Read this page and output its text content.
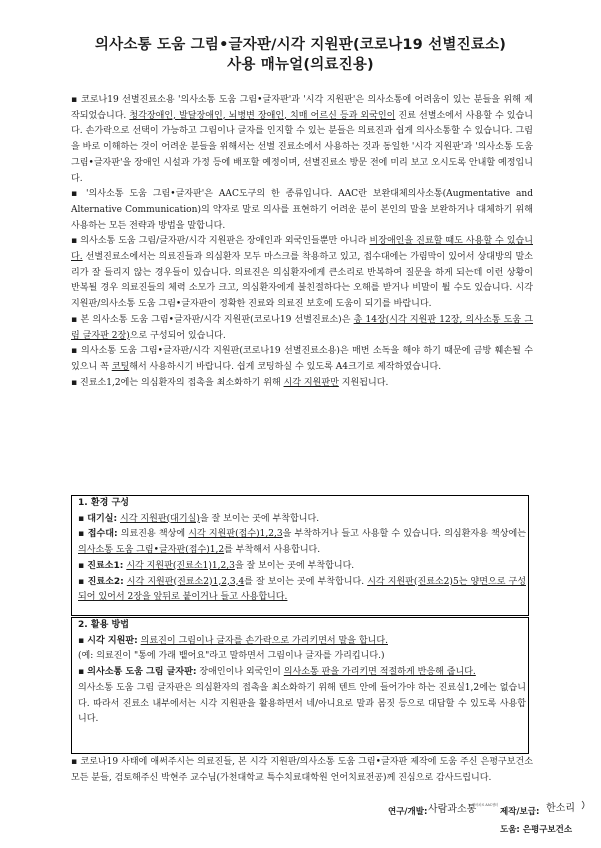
의사소통 도움 그림•글자판/시각 지원판(코로나19 선별진료소)
사용 매뉴얼(의료진용)

▪ 코로나19 선별진료소용 '의사소통 도움 그림•글자판'과 '시각 지원판'은 의사소통에 어려움이 있는 분들을 위해 제작되었습니다. 청각장애인, 발달장애인, 뇌병변 장애인, 치매 어르신 등과 외국인이 진료 선별소에서 사용할 수 있습니다. 손가락으로 선택이 가능하고 그림이나 글자를 인지할 수 있는 분들은 의료진과 쉽게 의사소통할 수 있습니다. 그림을 바로 이해하는 것이 어려운 분들을 위해서는 선별 진료소에서 사용하는 것과 동일한 '시각 지원판'과 '의사소통 도움 그림•글자판'을 장애인 시설과 가정 등에 배포할 예정이며, 선별진료소 방문 전에 미리 보고 오시도록 안내할 예정입니다.

▪ '의사소통 도움 그림•글자판'은 AAC도구의 한 종류입니다. AAC란 보완대체의사소통(Augmentative and Alternative Communication)의 약자로 말로 의사를 표현하기 어려운 분이 본인의 말을 보완하거나 대체하기 위해 사용하는 모든 전략과 방법을 말합니다.

▪ 의사소통 도움 그림/글자판/시각 지원판은 장애인과 외국인들뿐만 아니라 비장애인을 진료할 때도 사용할 수 있습니다. 선별진료소에서는 의료진들과 의심환자 모두 마스크를 착용하고 있고, 접수대에는 가림막이 있어서 상대방의 말소리가 잘 들리지 않는 경우들이 있습니다. 의료진은 의심환자에게 큰소리로 반복하여 질문을 하게 되는데 이런 상황이 반복될 경우 의료진들의 체력 소모가 크고, 의심환자에게 불친절하다는 오해를 받거나 비말이 튈 수도 있습니다. 시각 지원판/의사소통 도움 그림•글자판이 정확한 진료와 의료진 보호에 도움이 되기를 바랍니다.

▪ 본 의사소통 도움 그림•글자판/시각 지원판(코로나19 선별진료소)은 총 14장(시각 지원판 12장, 의사소통 도움 그림 글자판 2장)으로 구성되어 있습니다.

▪ 의사소통 도움 그림•글자판/시각 지원판(코로나19 선별진료소용)은 매번 소독을 해야 하기 때문에 금방 훼손될 수 있으니 꼭 코팅해서 사용하시기 바랍니다. 쉽게 코팅하실 수 있도록 A4크기로 제작하였습니다.

▪ 진료소1,2에는 의심환자의 접촉을 최소화하기 위해 시각 지원판만 지원됩니다.

1. 환경 구성

▪ 대기실: 시각 지원판(대기실)을 잘 보이는 곳에 부착합니다.

▪ 접수대: 의료진용 책상에 시각 지원판(접수)1,2,3을 부착하거나 들고 사용할 수 있습니다. 의심환자용 책상에는 의사소통 도움 그림•글자판(접수)1,2를 부착해서 사용합니다.

▪ 진료소1: 시각 지원판(진료소1)1,2,3을 잘 보이는 곳에 부착합니다.

▪ 진료소2: 시각 지원판(진료소2)1,2,3,4를 잘 보이는 곳에 부착합니다. 시각 지원판(진료소2)5는 양면으로 구성되어 있어서 2장을 앞뒤로 붙이거나 들고 사용합니다.

2. 활용 방법

▪ 시각 지원판: 의료진이 그림이나 글자를 손가락으로 가리키면서 말을 합니다.

(예: 의료진이 "통에 가래 뱉어요"라고 말하면서 그림이나 글자를 가리킵니다.)

▪ 의사소통 도움 그림 글자판: 장애인이나 외국인이 의사소통 판을 가리키면 적절하게 반응해 줍니다.

의사소통 도움 그림 글자판은 의심환자의 접촉을 최소화하기 위해 텐트 안에 들어가야 하는 진료실1,2에는 없습니다. 따라서 진료소 내부에서는 시각 지원판을 활용하면서 네/아니요로 말과 몸짓 등으로 대답할 수 있도록 사용합니다.

▪ 코로나19 사태에 애써주시는 의료진들, 본 시각 지원판/의사소통 도움 그림•글자판 제작에 도움 주신 은평구보건소 모든 분들, 검토해주신 박현주 교수님(가천대학교 특수치료대학원 언어치료전공)께 진심으로 감사드립니다.
연구/개발: 사람과소통
언어치료 AAC센터
제작/보급: 한소리
도움: 은평구보건소
